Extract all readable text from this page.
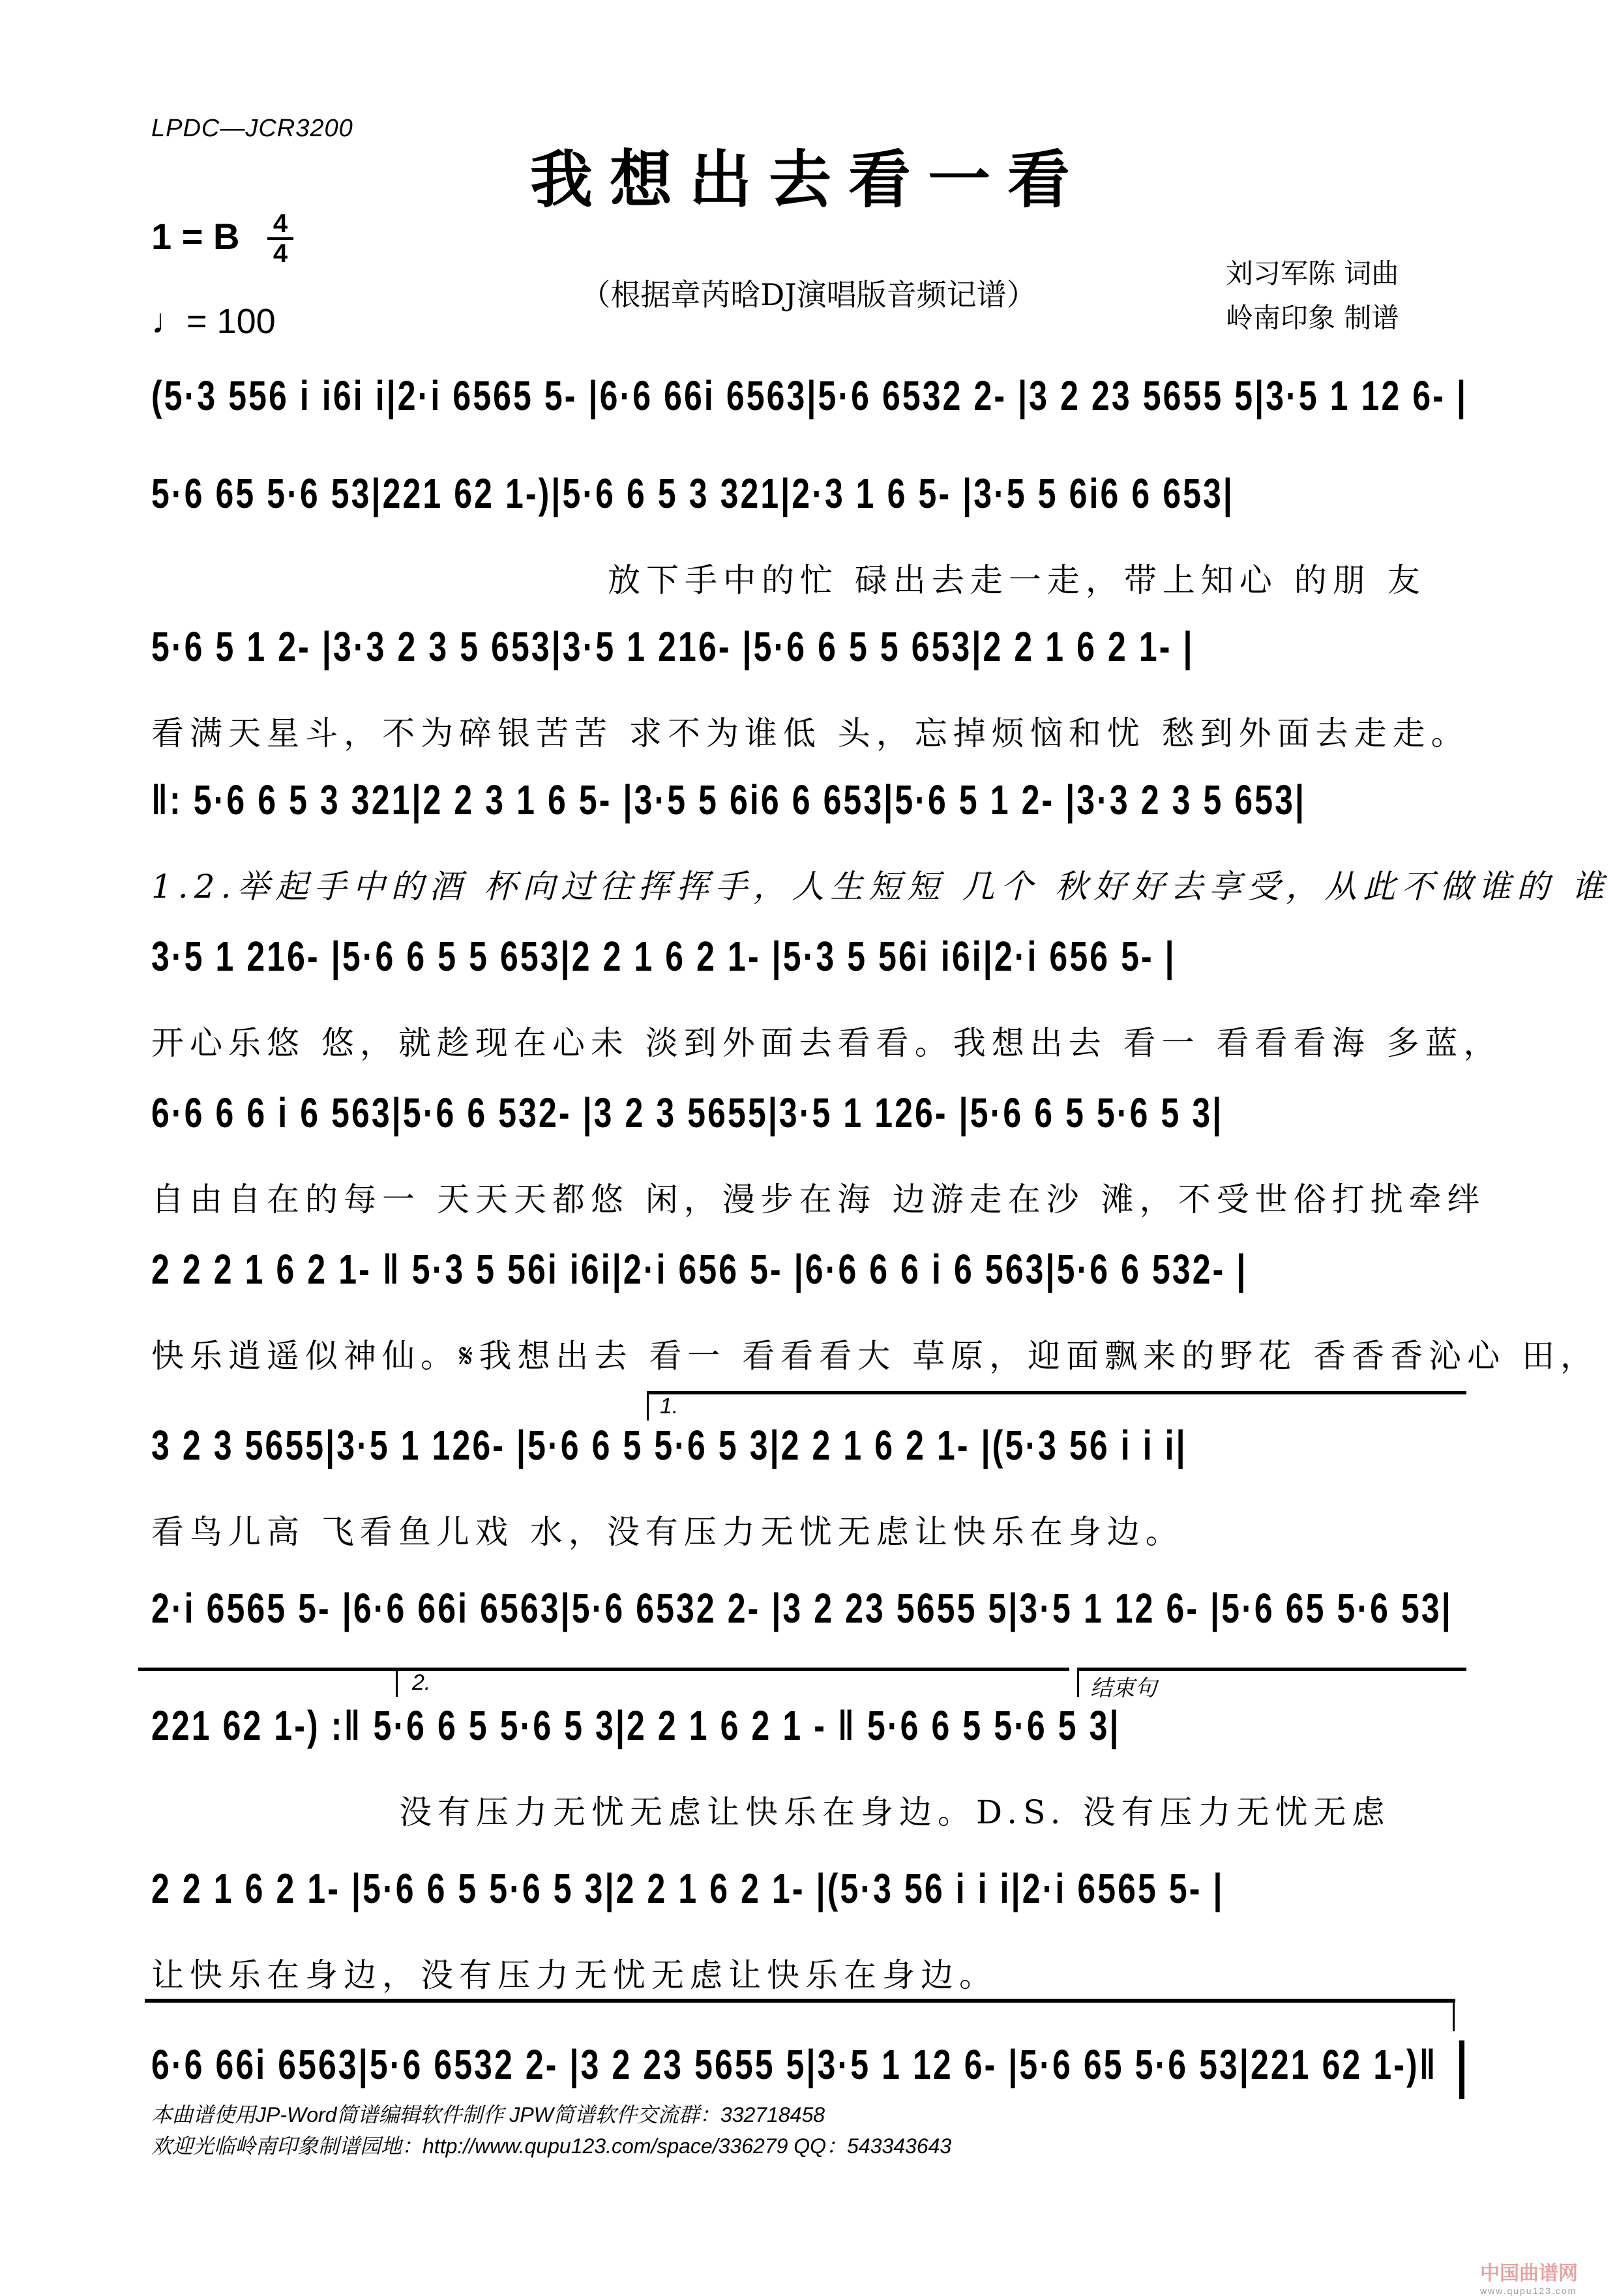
LPDC—JCR3200
我想出去看一看
1 = B 4
4
♩= 100
（根据章芮晗DJ演唱版音频记谱）
刘习军陈 词曲
岭南印象 制谱
(5·3 556 i i6i i|2·i 6565 5- |6·6 66i 6563|5·6 6532 2- |3 2 23 5655 5|3·5 1 12 6- |
5·6 65 5·6 53|221 62 1-)|5·6 6 5 3 321|2·3 1 6 5- |3·5 5 6i6 6 653|
放下手中的忙 碌出去走一走，带上知心 的朋 友
5·6 5 1 2- |3·3 2 3 5 653|3·5 1 216- |5·6 6 5 5 653|2 2 1 6 2 1- |
看满天星斗，不为碎银苦苦 求不为谁低 头，忘掉烦恼和忧 愁到外面去走走。
‖: 5·6 6 5 3 321|2 2 3 1 6 5- |3·5 5 6i6 6 653|5·6 5 1 2- |3·3 2 3 5 653|
1.2.举起手中的酒 杯向过往挥挥手，人生短短 几个 秋好好去享受，从此不做谁的 谁
3·5 1 216- |5·6 6 5 5 653|2 2 1 6 2 1- |5·3 5 56i i6i|2·i 656 5- |
开心乐悠 悠，就趁现在心未 淡到外面去看看。我想出去 看一 看看看海 多蓝，
6·6 6 6 i 6 563|5·6 6 532- |3 2 3 5655|3·5 1 126- |5·6 6 5 5·6 5 3|
自由自在的每一 天天天都悠 闲，漫步在海 边游走在沙 滩，不受世俗打扰牵绊
2 2 2 1 6 2 1- ‖ 5·3 5 56i i6i|2·i 656 5- |6·6 6 6 i 6 563|5·6 6 532- |
快乐逍遥似神仙。𝄋我想出去 看一 看看看大 草原，迎面飘来的野花 香香香沁心 田，
1.
3 2 3 5655|3·5 1 126- |5·6 6 5 5·6 5 3|2 2 1 6 2 1- |(5·3 56 i i i|
看鸟儿高 飞看鱼儿戏 水，没有压力无忧无虑让快乐在身边。
2·i 6565 5- |6·6 66i 6563|5·6 6532 2- |3 2 23 5655 5|3·5 1 12 6- |5·6 65 5·6 53|
2.	结束句
221 62 1-) :‖ 5·6 6 5 5·6 5 3|2 2 1 6 2 1 - ‖ 5·6 6 5 5·6 5 3|
没有压力无忧无虑让快乐在身边。D.S. 没有压力无忧无虑
2 2 1 6 2 1- |5·6 6 5 5·6 5 3|2 2 1 6 2 1- |(5·3 56 i i i|2·i 6565 5- |
让快乐在身边，没有压力无忧无虑让快乐在身边。
6·6 66i 6563|5·6 6532 2- |3 2 23 5655 5|3·5 1 12 6- |5·6 65 5·6 53|221 62 1-)‖
本曲谱使用JP-Word简谱编辑软件制作 JPW简谱软件交流群：332718458
欢迎光临岭南印象制谱园地：http://www.qupu123.com/space/336279 QQ：543343643
中国曲谱网
www.qupu123.com
